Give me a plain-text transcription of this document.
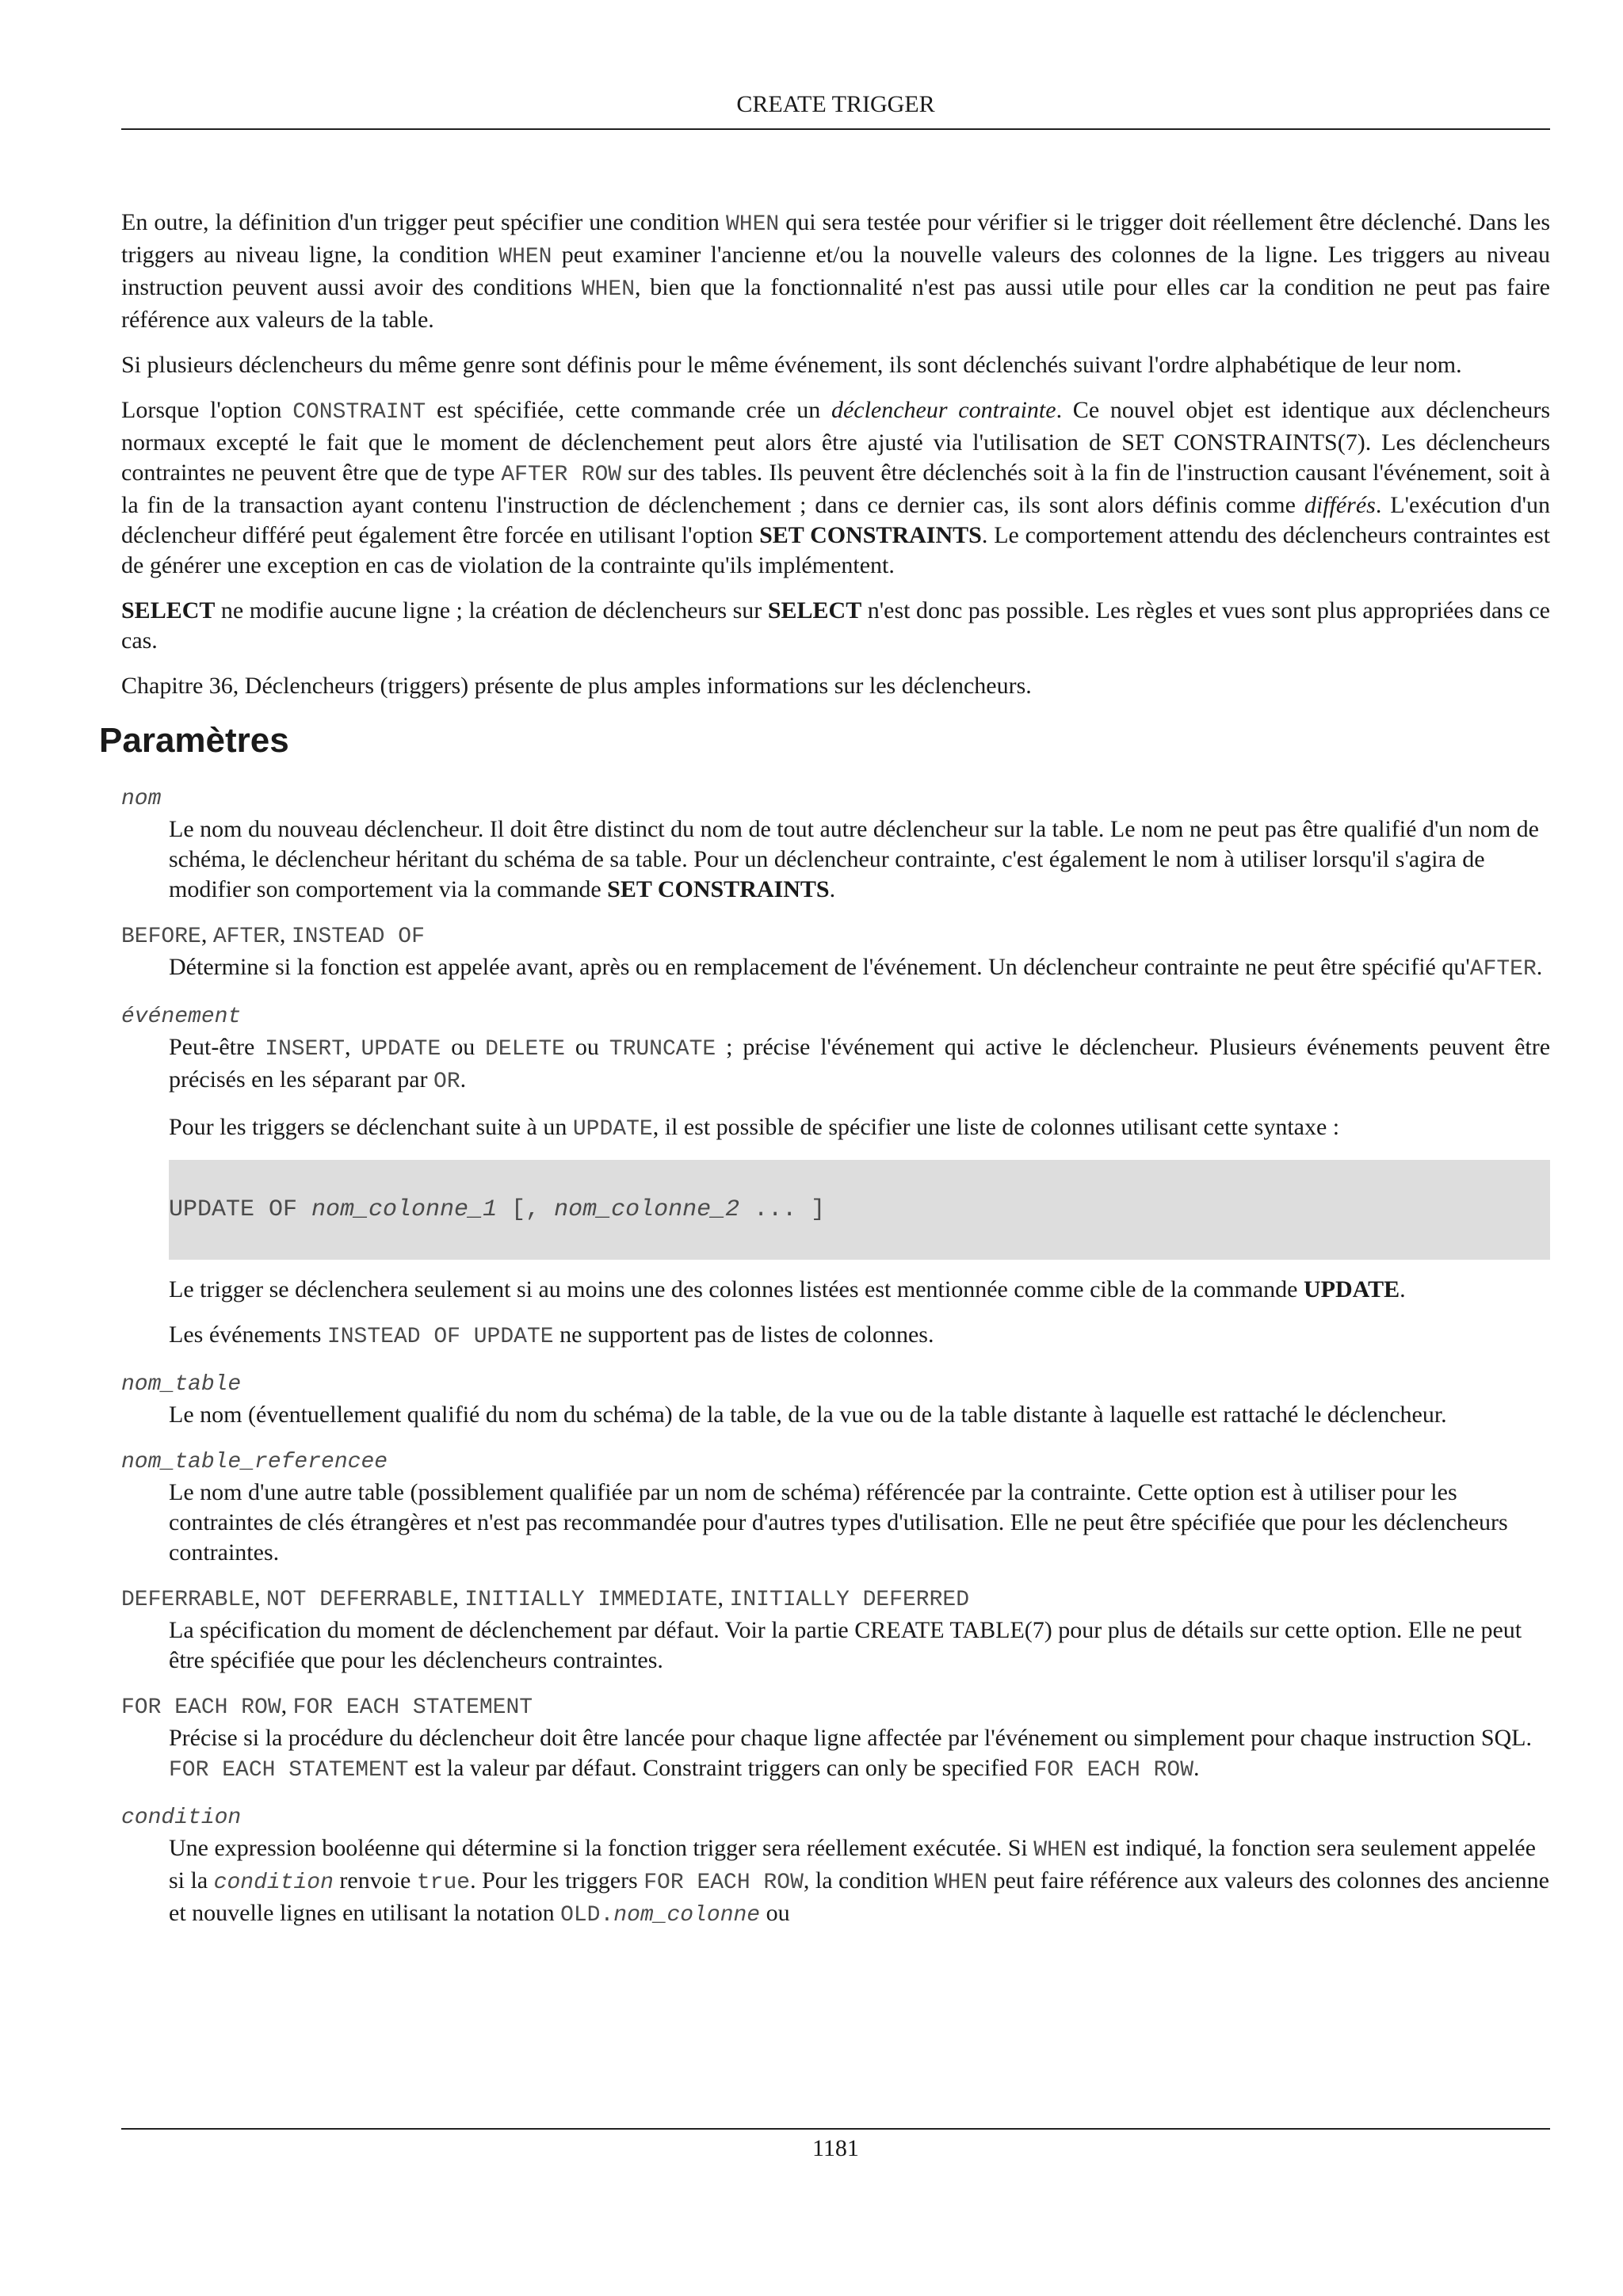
CREATE TRIGGER

En outre, la définition d'un trigger peut spécifier une condition WHEN qui sera testée pour vérifier si le trigger doit réellement être déclenché. Dans les triggers au niveau ligne, la condition WHEN peut examiner l'ancienne et/ou la nouvelle valeurs des colonnes de la ligne. Les triggers au niveau instruction peuvent aussi avoir des conditions WHEN, bien que la fonctionnalité n'est pas aussi utile pour elles car la condition ne peut pas faire référence aux valeurs de la table.

Si plusieurs déclencheurs du même genre sont définis pour le même événement, ils sont déclenchés suivant l'ordre alphabétique de leur nom.

Lorsque l'option CONSTRAINT est spécifiée, cette commande crée un déclencheur contrainte. Ce nouvel objet est identique aux déclencheurs normaux excepté le fait que le moment de déclenchement peut alors être ajusté via l'utilisation de SET CONSTRAINTS(7). Les déclencheurs contraintes ne peuvent être que de type AFTER ROW sur des tables. Ils peuvent être déclenchés soit à la fin de l'instruction causant l'événement, soit à la fin de la transaction ayant contenu l'instruction de déclenchement ; dans ce dernier cas, ils sont alors définis comme différés. L'exécution d'un déclencheur différé peut également être forcée en utilisant l'option SET CONSTRAINTS. Le comportement attendu des déclencheurs contraintes est de générer une exception en cas de violation de la contrainte qu'ils implémentent.

SELECT ne modifie aucune ligne ; la création de déclencheurs sur SELECT n'est donc pas possible. Les règles et vues sont plus appropriées dans ce cas.

Chapitre 36, Déclencheurs (triggers) présente de plus amples informations sur les déclencheurs.

Paramètres
nom
Le nom du nouveau déclencheur. Il doit être distinct du nom de tout autre déclencheur sur la table. Le nom ne peut pas être qualifié d'un nom de schéma, le déclencheur héritant du schéma de sa table. Pour un déclencheur contrainte, c'est également le nom à utiliser lorsqu'il s'agira de modifier son comportement via la commande SET CONSTRAINTS.
BEFORE, AFTER, INSTEAD OF
Détermine si la fonction est appelée avant, après ou en remplacement de l'événement. Un déclencheur contrainte ne peut être spécifié qu'AFTER.
événement

Peut-être INSERT, UPDATE ou DELETE ou TRUNCATE ; précise l'événement qui active le déclencheur. Plusieurs événements peuvent être précisés en les séparant par OR.

Pour les triggers se déclenchant suite à un UPDATE, il est possible de spécifier une liste de colonnes utilisant cette syntaxe :

UPDATE OF nom_colonne_1 [, nom_colonne_2 ... ]

Le trigger se déclenchera seulement si au moins une des colonnes listées est mentionnée comme cible de la commande UPDATE.

Les événements INSTEAD OF UPDATE ne supportent pas de listes de colonnes.

nom_table
Le nom (éventuellement qualifié du nom du schéma) de la table, de la vue ou de la table distante à laquelle est rattaché le déclencheur.
nom_table_referencee
Le nom d'une autre table (possiblement qualifiée par un nom de schéma) référencée par la contrainte. Cette option est à utiliser pour les contraintes de clés étrangères et n'est pas recommandée pour d'autres types d'utilisation. Elle ne peut être spécifiée que pour les déclencheurs contraintes.
DEFERRABLE, NOT DEFERRABLE, INITIALLY IMMEDIATE, INITIALLY DEFERRED
La spécification du moment de déclenchement par défaut. Voir la partie CREATE TABLE(7) pour plus de détails sur cette option. Elle ne peut être spécifiée que pour les déclencheurs contraintes.
FOR EACH ROW, FOR EACH STATEMENT
Précise si la procédure du déclencheur doit être lancée pour chaque ligne affectée par l'événement ou simplement pour chaque instruction SQL. FOR EACH STATEMENT est la valeur par défaut. Constraint triggers can only be specified FOR EACH ROW.
condition
Une expression booléenne qui détermine si la fonction trigger sera réellement exécutée. Si WHEN est indiqué, la fonction sera seulement appelée si la condition renvoie true. Pour les triggers FOR EACH ROW, la condition WHEN peut faire référence aux valeurs des colonnes des ancienne et nouvelle lignes en utilisant la notation OLD.nom_colonne ou
1181
